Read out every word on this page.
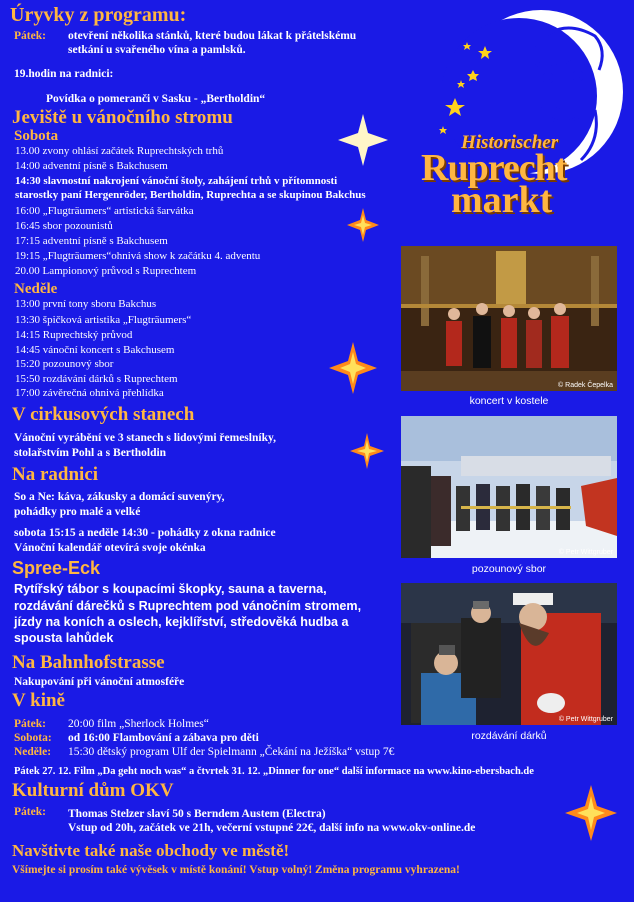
Úryvky z programu:
Pátek: otevření několika stánků, které budou lákat k přátelskému
setkání u svařeného vína a pamlsků.
19.hodin na radnici:
Povídka o pomeranči v Sasku - „Bertholdin“
Jeviště u vánočního stromu
Sobota
13.00 zvony ohlásí začátek Ruprechtských trhů
14:00 adventní písně s Bakchusem
14:30 slavnostní nakrojení vánoční štoly, zahájení trhů v přítomnosti
starostky paní Hergenröder, Bertholdin, Ruprechta a se skupinou Bakchus
16:00 „Flugträumers“ artistická šarvátka
16:45 sbor pozounistů
17:15 adventní písně s Bakchusem
19:15 „Flugträumers“ohnivá show k začátku 4. adventu
20.00 Lampionový průvod s Ruprechtem
Neděle
13:00 první tony sboru Bakchus
13:30 špičková artistika „Flugträumers“
14:15 Ruprechtský průvod
14:45 vánoční koncert s Bakchusem
15:20 pozounový sbor
15:50 rozdávání dárků s Ruprechtem
17:00 závěrečná ohnivá přehlídka
V cirkusových stanech
Vánoční vyrábění ve 3 stanech s lidovými řemeslníky,
stolařstvím Pohl a s Bertholdin
Na radnici
So a Ne: káva, zákusky a domácí suvenýry,
pohádky pro malé a velké
sobota 15:15 a neděle 14:30 - pohádky z okna radnice
Vánoční kalendář otevírá svoje okénka
Spree-Eck
Rytířský tábor s koupacími škopky, sauna a taverna,
rozdávání dárečků s Ruprechtem pod vánočním stromem,
jízdy na koních a oslech, kejklířství, středověká hudba a
spousta lahůdek
Na Bahnhofstrasse
Nakupování při vánoční atmosféře
V kině
Pátek: 20:00 film „Sherlock Holmes“
Sobota: od 16:00 Flambování a zábava pro děti
Neděle: 15:30 dětský program Ulf der Spielmann „Čekání na Ježíška“ vstup 7€
Pátek 27. 12. Film „Da geht noch was“ a čtvrtek 31. 12. „Dinner for one“ další informace na www.kino-ebersbach.de
Kulturní dům OKV
Pátek: Thomas Stelzer slaví 50 s Berndem Austem (Electra)
Vstup od 20h, začátek ve 21h, večerní vstupné 22€, další info na www.okv-online.de
Navštivte také naše obchody ve městě!
Všímejte si prosím také vývěsek v místě konání! Vstup volný! Změna programu vyhrazena!
Historischer
Ruprecht
markt
© Radek Čepelka
koncert v kostele
© Petr Wittgruber
pozounový sbor
© Petr Wittgruber
rozdávání dárků
